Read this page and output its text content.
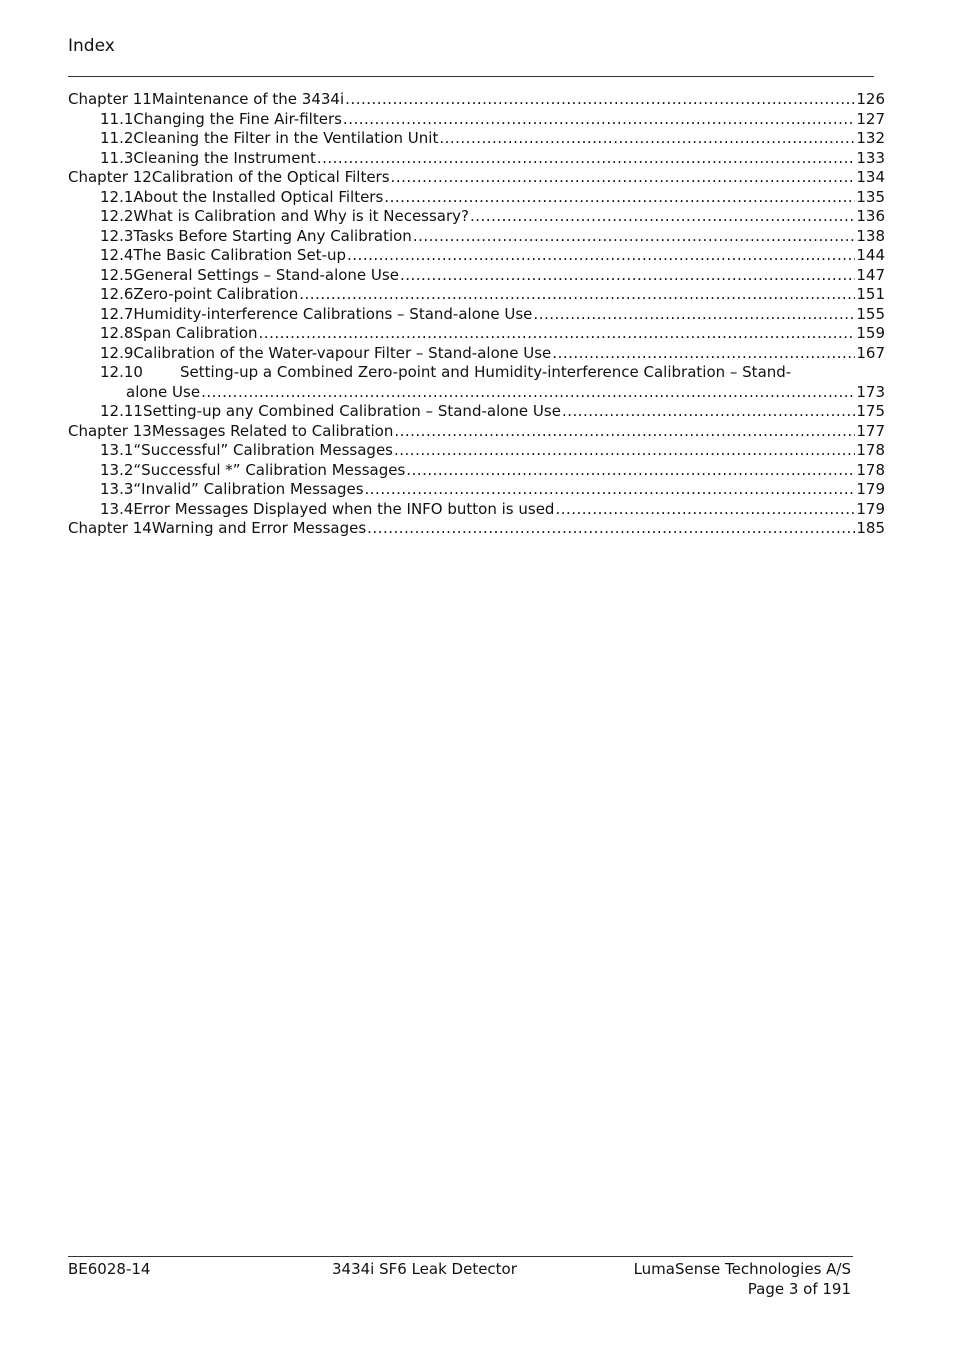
Index
Chapter 11 Maintenance of the 3434i .....	126
11.1 Changing the Fine Air-filters .....	127
11.2 Cleaning the Filter in the Ventilation Unit .....	132
11.3 Cleaning the Instrument .....	133
Chapter 12 Calibration of the Optical Filters .....	134
12.1 About the Installed Optical Filters .....	135
12.2 What is Calibration and Why is it Necessary? .....	136
12.3 Tasks Before Starting Any Calibration .....	138
12.4 The Basic Calibration Set-up .....	144
12.5 General Settings – Stand-alone Use .....	147
12.6 Zero-point Calibration .....	151
12.7 Humidity-interference Calibrations – Stand-alone Use .....	155
12.8 Span Calibration .....	159
12.9 Calibration of the Water-vapour Filter – Stand-alone Use .....	167
12.10	Setting-up a Combined Zero-point and Humidity-interference Calibration – Stand-
alone Use .....	173
12.11 Setting-up any Combined Calibration – Stand-alone Use .....	175
Chapter 13 Messages Related to Calibration .....	177
13.1 “Successful” Calibration Messages .....	178
13.2 “Successful *” Calibration Messages .....	178
13.3 “Invalid” Calibration Messages .....	179
13.4 Error Messages Displayed when the INFO button is used .....	179
Chapter 14 Warning and Error Messages .....	185
BE6028-14	3434i SF6 Leak Detector	LumaSense Technologies A/S
Page 3 of 191
